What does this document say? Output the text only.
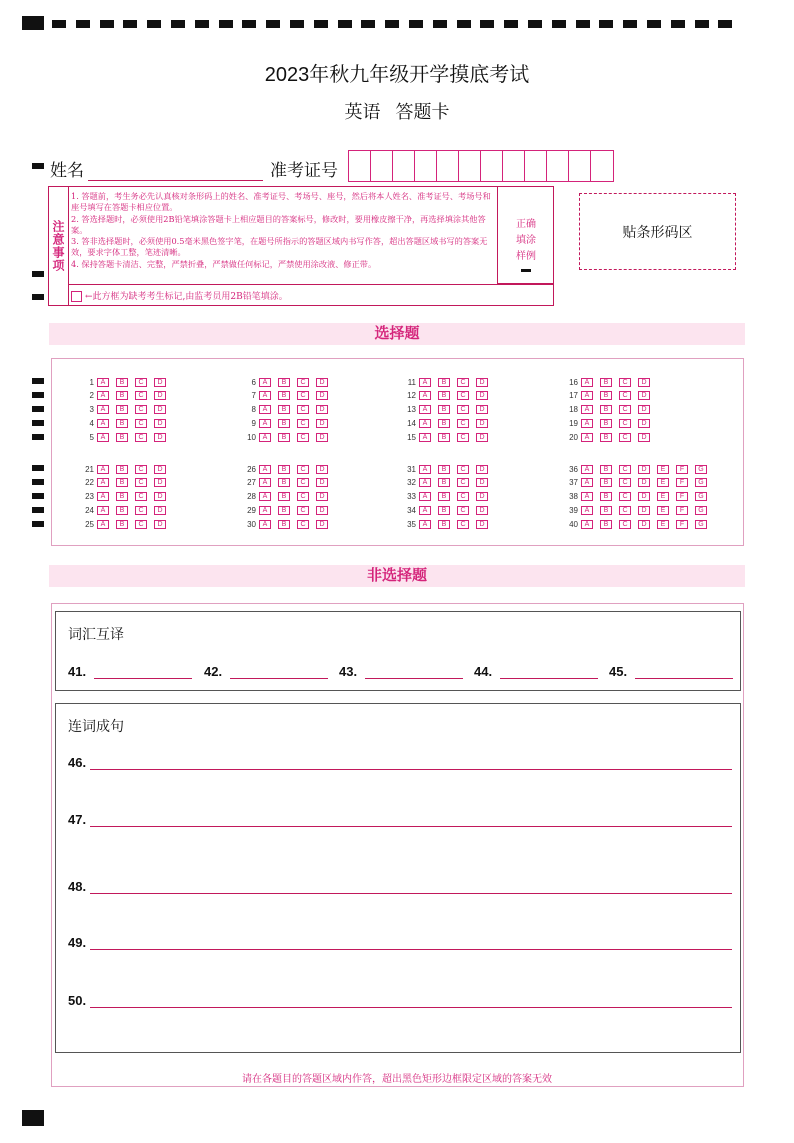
2023年秋九年级开学摸底考试
英语   答题卡
姓名	准考证号
注意事项
1. 答题前，考生务必先认真核对条形码上的姓名、准考证号、考场号、座号，然后将本人姓名、准考证号、考场号和座号填写在答题卡相应位置。
2. 答选择题时，必须使用2B铅笔填涂答题卡上相应题目的答案标号，修改时，要用橡皮擦干净，再选择填涂其他答案。
3. 答非选择题时，必须使用0.5毫米黑色签字笔，在题号所指示的答题区域内书写作答，超出答题区域书写的答案无效，要求字体工整，笔迹清晰。
4. 保持答题卡清洁、完整，严禁折叠，严禁做任何标记，严禁使用涂改液、修正带。
正确填涂样例
←此方框为缺考考生标记,由监考员用2B铅笔填涂。
贴条形码区
选择题
1 A	B	C	D
2 A	B	C	D
3 A	B	C	D
4 A	B	C	D
5 A	B	C	D
6 A	B	C	D
7 A	B	C	D
8 A	B	C	D
9 A	B	C	D
10 A	B	C	D
11 A	B	C	D
12 A	B	C	D
13 A	B	C	D
14 A	B	C	D
15 A	B	C	D
16 A	B	C	D
17 A	B	C	D
18 A	B	C	D
19 A	B	C	D
20 A	B	C	D
21 A	B	C	D
22 A	B	C	D
23 A	B	C	D
24 A	B	C	D
25 A	B	C	D
26 A	B	C	D
27 A	B	C	D
28 A	B	C	D
29 A	B	C	D
30 A	B	C	D
31 A	B	C	D
32 A	B	C	D
33 A	B	C	D
34 A	B	C	D
35 A	B	C	D
36 A	B	C	D	E	F	G
37 A	B	C	D	E	F	G
38 A	B	C	D	E	F	G
39 A	B	C	D	E	F	G
40 A	B	C	D	E	F	G
非选择题
词汇互译
41.	42.	43.	44.	45.
连词成句
46.
47.
48.
49.
50.
请在各题目的答题区域内作答，超出黑色矩形边框限定区域的答案无效
